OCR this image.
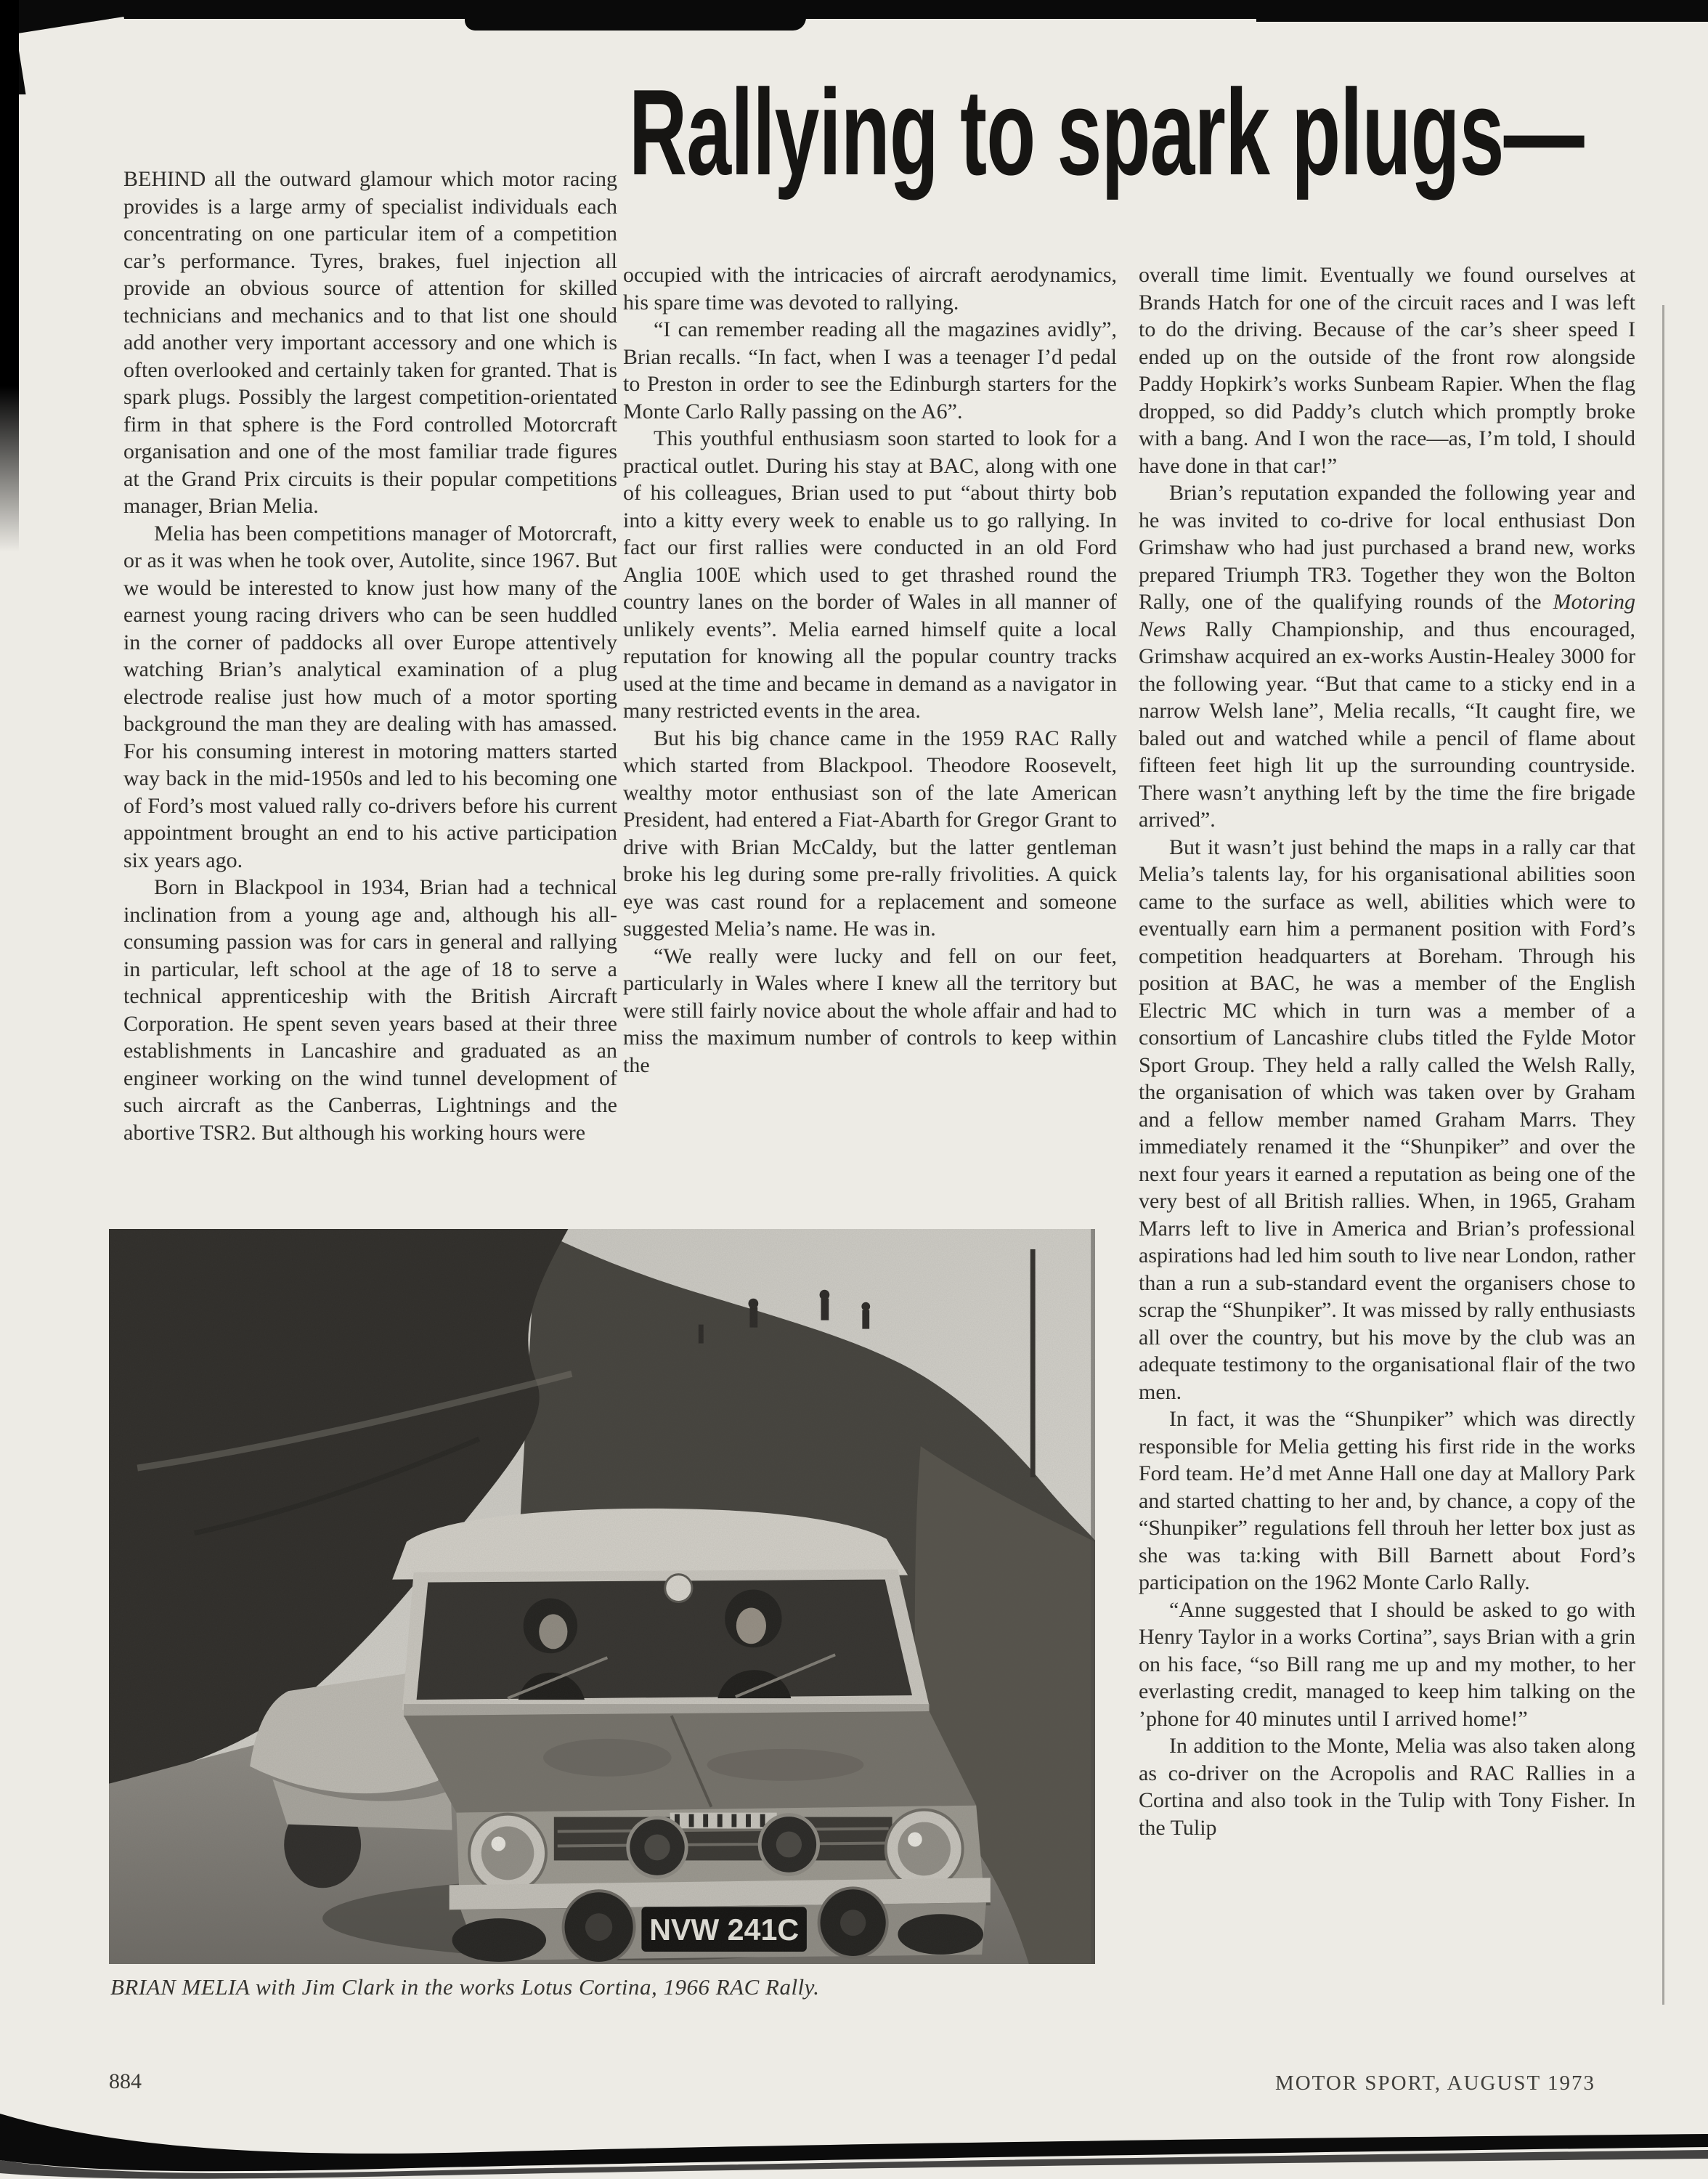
Rallying to spark plugs—

BEHIND all the outward glamour which motor racing provides is a large army of specialist individuals each concentrating on one particular item of a competition car’s performance. Tyres, brakes, fuel injection all provide an obvious source of attention for skilled technicians and mechanics and to that list one should add another very important accessory and one which is often overlooked and certainly taken for granted. That is spark plugs. Possibly the largest competition-orientated firm in that sphere is the Ford controlled Motorcraft organisation and one of the most familiar trade figures at the Grand Prix circuits is their popular competitions manager, Brian Melia.

Melia has been competitions manager of Motorcraft, or as it was when he took over, Autolite, since 1967. But we would be interested to know just how many of the earnest young racing drivers who can be seen huddled in the corner of paddocks all over Europe attentively watching Brian’s analytical examination of a plug electrode realise just how much of a motor sporting background the man they are dealing with has amassed. For his consuming interest in motoring matters started way back in the mid-1950s and led to his becoming one of Ford’s most valued rally co-drivers before his current appointment brought an end to his active participation six years ago.

Born in Blackpool in 1934, Brian had a technical inclination from a young age and, although his all-consuming passion was for cars in general and rallying in particular, left school at the age of 18 to serve a technical apprenticeship with the British Aircraft Corporation. He spent seven years based at their three establishments in Lancashire and graduated as an engineer working on the wind tunnel development of such aircraft as the Canberras, Lightnings and the abortive TSR2. But although his working hours were

occupied with the intricacies of aircraft aerodynamics, his spare time was devoted to rallying.

“I can remember reading all the magazines avidly”, Brian recalls. “In fact, when I was a teenager I’d pedal to Preston in order to see the Edinburgh starters for the Monte Carlo Rally passing on the A6”.

This youthful enthusiasm soon started to look for a practical outlet. During his stay at BAC, along with one of his colleagues, Brian used to put “about thirty bob into a kitty every week to enable us to go rallying. In fact our first rallies were conducted in an old Ford Anglia 100E which used to get thrashed round the country lanes on the border of Wales in all manner of unlikely events”. Melia earned himself quite a local reputation for knowing all the popular country tracks used at the time and became in demand as a navigator in many restricted events in the area.

But his big chance came in the 1959 RAC Rally which started from Blackpool. Theodore Roosevelt, wealthy motor enthusiast son of the late American President, had entered a Fiat-Abarth for Gregor Grant to drive with Brian McCaldy, but the latter gentleman broke his leg during some pre-rally frivolities. A quick eye was cast round for a replacement and someone suggested Melia’s name. He was in.

“We really were lucky and fell on our feet, particularly in Wales where I knew all the territory but were still fairly novice about the whole affair and had to miss the maximum number of controls to keep within the

overall time limit. Eventually we found ourselves at Brands Hatch for one of the circuit races and I was left to do the driving. Because of the car’s sheer speed I ended up on the outside of the front row alongside Paddy Hopkirk’s works Sunbeam Rapier. When the flag dropped, so did Paddy’s clutch which promptly broke with a bang. And I won the race—as, I’m told, I should have done in that car!”

Brian’s reputation expanded the following year and he was invited to co-drive for local enthusiast Don Grimshaw who had just purchased a brand new, works prepared Triumph TR3. Together they won the Bolton Rally, one of the qualifying rounds of the Motoring News Rally Championship, and thus encouraged, Grimshaw acquired an ex-works Austin-Healey 3000 for the following year. “But that came to a sticky end in a narrow Welsh lane”, Melia recalls, “It caught fire, we baled out and watched while a pencil of flame about fifteen feet high lit up the surrounding countryside. There wasn’t anything left by the time the fire brigade arrived”.

But it wasn’t just behind the maps in a rally car that Melia’s talents lay, for his organisational abilities soon came to the surface as well, abilities which were to eventually earn him a permanent position with Ford’s competition headquarters at Boreham. Through his position at BAC, he was a member of the English Electric MC which in turn was a member of a consortium of Lancashire clubs titled the Fylde Motor Sport Group. They held a rally called the Welsh Rally, the organisation of which was taken over by Graham and a fellow member named Graham Marrs. They immediately renamed it the “Shunpiker” and over the next four years it earned a reputation as being one of the very best of all British rallies. When, in 1965, Graham Marrs left to live in America and Brian’s professional aspirations had led him south to live near London, rather than a run a sub-standard event the organisers chose to scrap the “Shunpiker”. It was missed by rally enthusiasts all over the country, but his move by the club was an adequate testimony to the organisational flair of the two men.

In fact, it was the “Shunpiker” which was directly responsible for Melia getting his first ride in the works Ford team. He’d met Anne Hall one day at Mallory Park and started chatting to her and, by chance, a copy of the “Shunpiker” regulations fell throuh her letter box just as she was ta:king with Bill Barnett about Ford’s participation on the 1962 Monte Carlo Rally.

“Anne suggested that I should be asked to go with Henry Taylor in a works Cortina”, says Brian with a grin on his face, “so Bill rang me up and my mother, to her everlasting credit, managed to keep him talking on the ’phone for 40 minutes until I arrived home!”

In addition to the Monte, Melia was also taken along as co-driver on the Acropolis and RAC Rallies in a Cortina and also took in the Tulip with Tony Fisher. In the Tulip

BRIAN MELIA with Jim Clark in the works Lotus Cortina, 1966 RAC Rally.
884	MOTOR SPORT, AUGUST 1973
